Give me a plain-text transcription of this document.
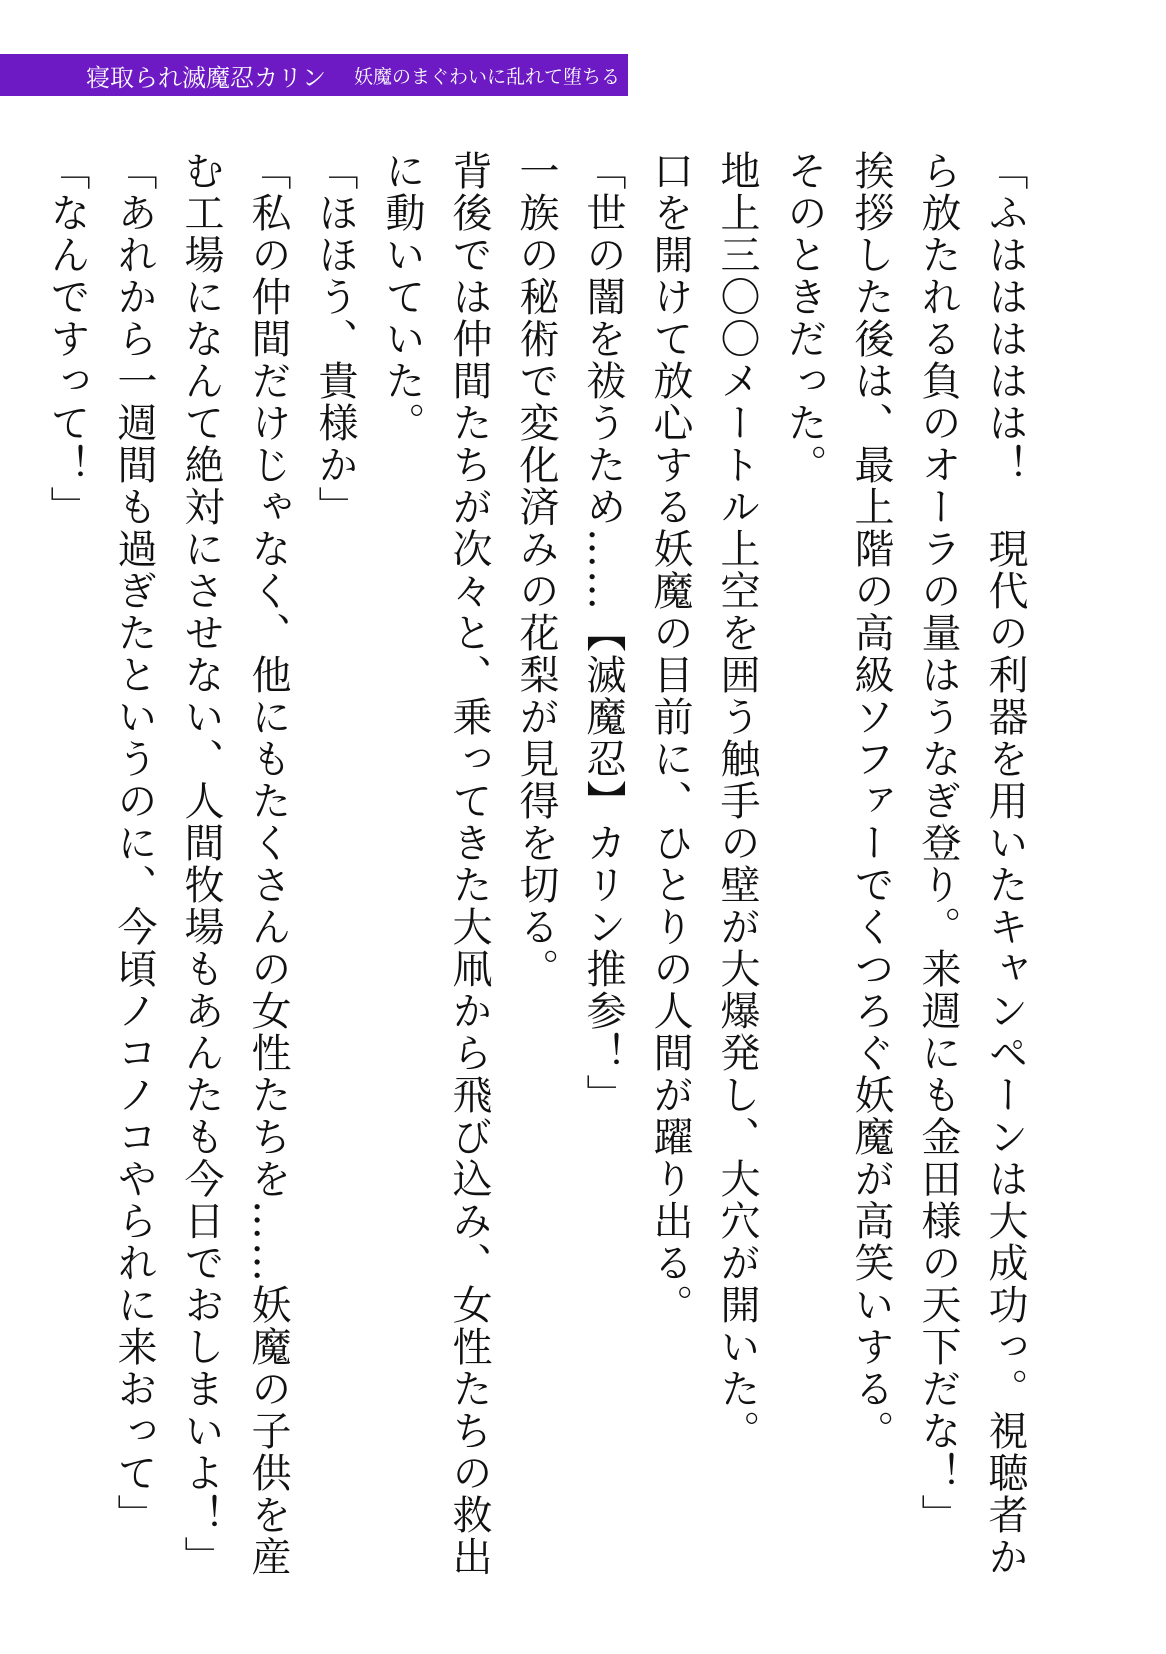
寝取られ滅魔忍カリン 妖魔のまぐわいに乱れて堕ちる

「ふははははは！　現代の利器を用いたキャンペーンは大成功っ。視聴者から放たれる負のオーラの量はうなぎ登り。来週にも金田様の天下だな！」

挨拶した後は、最上階の高級ソファーでくつろぐ妖魔が高笑いする。

そのときだった。

地上三〇〇メートル上空を囲う触手の壁が大爆発し、大穴が開いた。

口を開けて放心する妖魔の目前に、ひとりの人間が躍り出る。

「世の闇を祓うため……【滅魔忍】カリン推参！」

一族の秘術で変化済みの花梨が見得を切る。

背後では仲間たちが次々と、乗ってきた大凧から飛び込み、女性たちの救出に動いていた。

「ほほう、貴様か」

「私の仲間だけじゃなく、他にもたくさんの女性たちを……妖魔の子供を産む工場になんて絶対にさせない、人間牧場もあんたも今日でおしまいよ！」

「あれから一週間も過ぎたというのに、今頃ノコノコやられに来おって」

「なんですって！」
